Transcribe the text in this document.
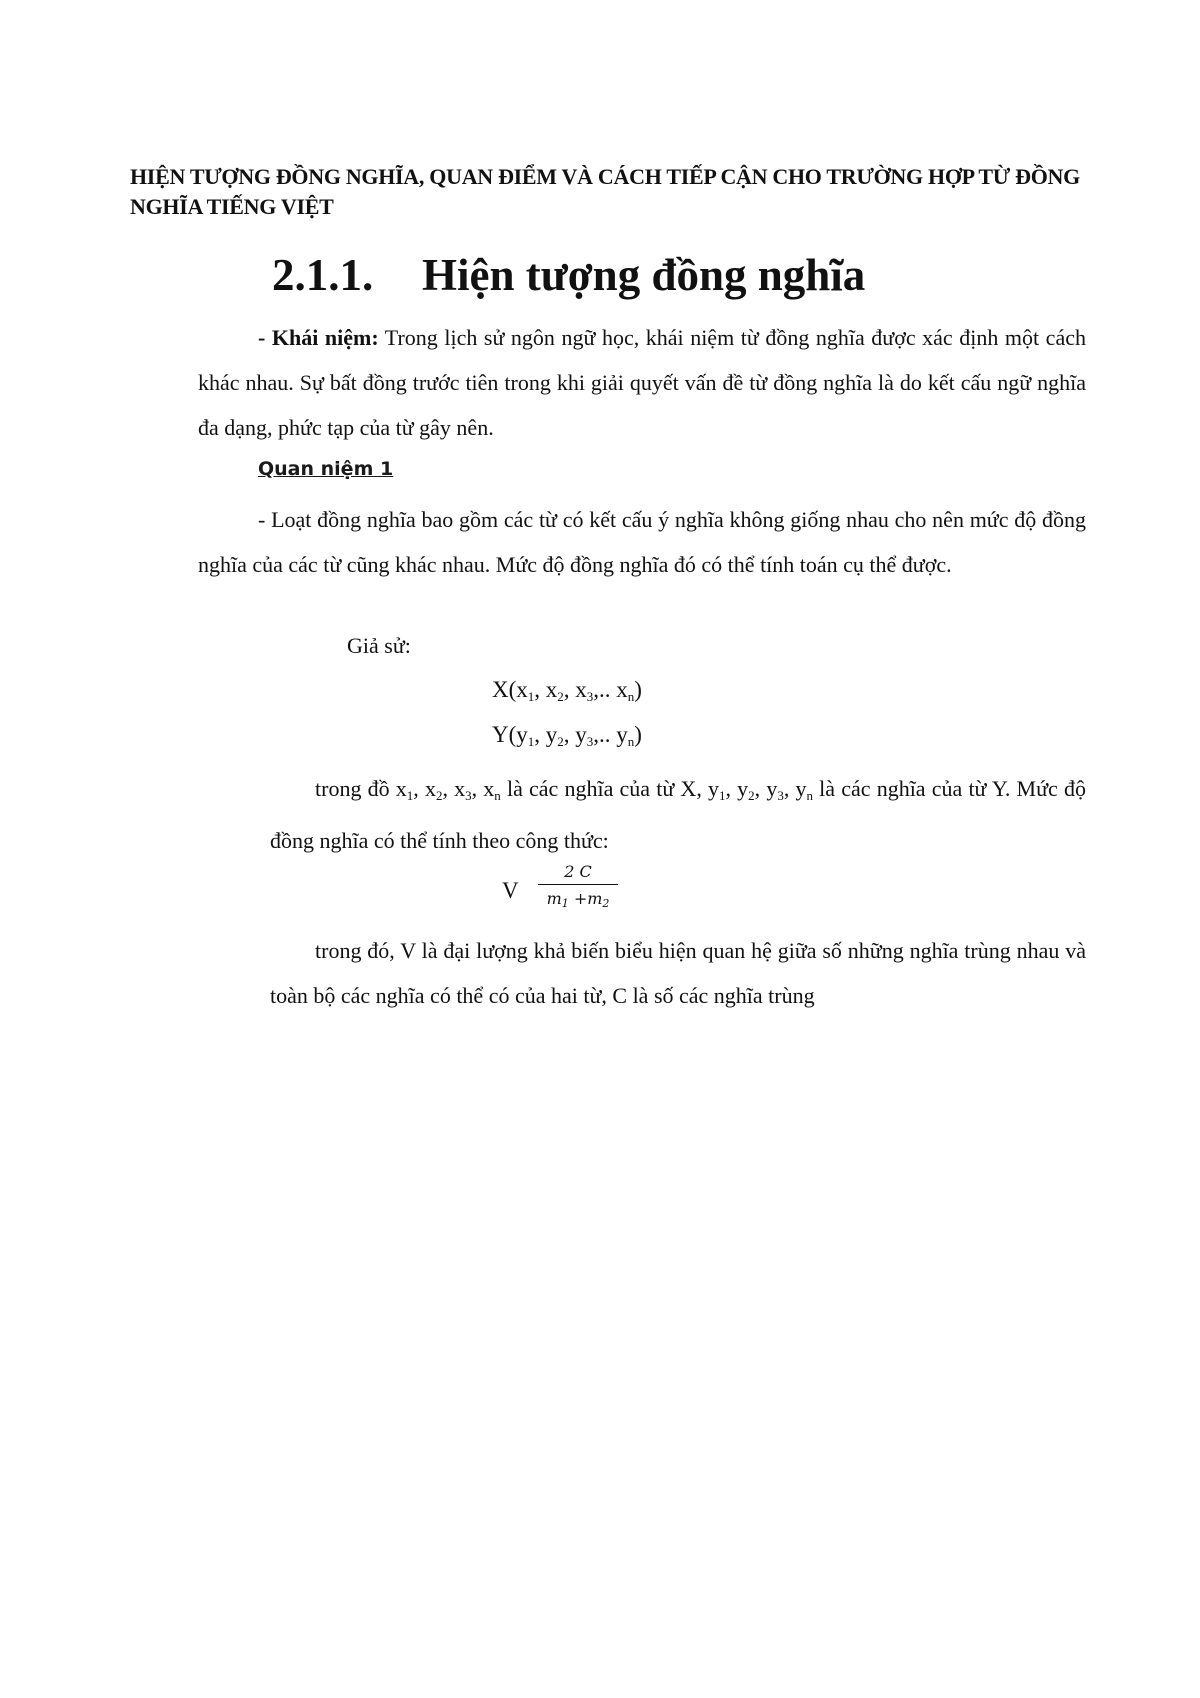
HIỆN TƯỢNG ĐỒNG NGHĨA, QUAN ĐIỂM VÀ CÁCH TIẾP CẬN CHO TRƯỜNG HỢP TỪ ĐỒNG NGHĨA TIẾNG VIỆT
2.1.1. Hiện tượng đồng nghĩa

- Khái niệm: Trong lịch sử ngôn ngữ học, khái niệm từ đồng nghĩa được xác định một cách khác nhau. Sự bất đồng trước tiên trong khi giải quyết vấn đề từ đồng nghĩa là do kết cấu ngữ nghĩa đa dạng, phức tạp của từ gây nên.

Quan niệm 1

- Loạt đồng nghĩa bao gồm các từ có kết cấu ý nghĩa không giống nhau cho nên mức độ đồng nghĩa của các từ cũng khác nhau. Mức độ đồng nghĩa đó có thể tính toán cụ thể được.

Giả sử:

$X(x_1$, $x_2$, $x_3$,.. $x_n$)

$Y(y_1$, $y_2$, $y_3$,.. $y_n$)

trong đồ $x_1$, $x_2$, $x_3$, $x_n$ là các nghĩa của từ X, $y_1$, $y_2$, $y_3$, $y_n$ là các nghĩa của từ Y. Mức độ đồng nghĩa có thể tính theo công thức:

V $\frac{2 C}{m_1 +m_2}$

trong đó, V là đại lượng khả biến biểu hiện quan hệ giữa số những nghĩa trùng nhau và toàn bộ các nghĩa có thể có của hai từ, C là số các nghĩa trùng
